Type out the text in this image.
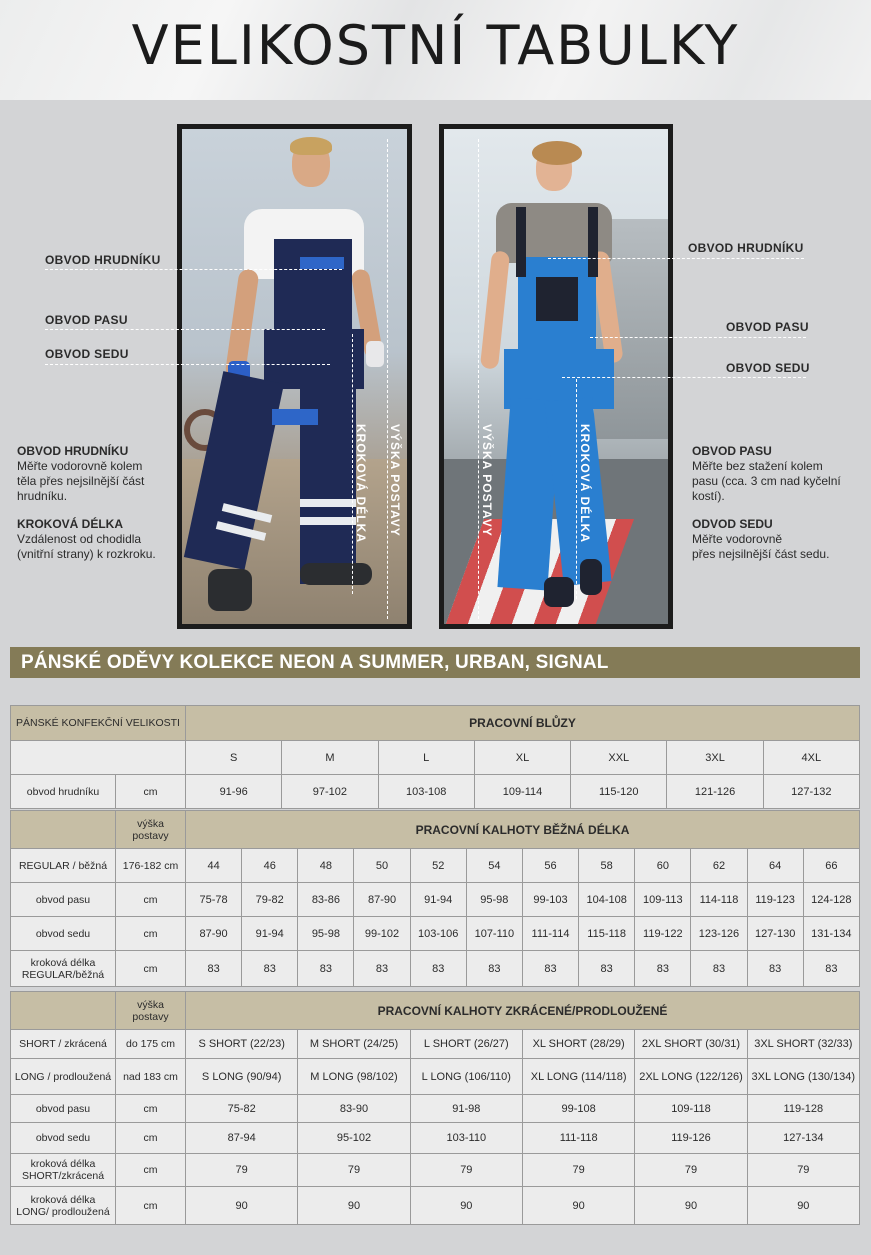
VELIKOSTNÍ TABULKY
VÝŠKA POSTAVY
KROKOVÁ DÉLKA	VÝŠKA POSTAVY	KROKOVÁ DÉLKA
OBVOD HRUDNÍKU
OBVOD PASU
OBVOD SEDU
OBVOD HRUDNÍKU
OBVOD PASU
OBVOD SEDU
OBVOD HRUDNÍKU
Měřte vodorovně kolem
těla přes nejsilnější část
hrudníku.
KROKOVÁ DÉLKA
Vzdálenost od chodidla
(vnitřní strany) k rozkroku.
OBVOD PASU
Měřte bez stažení kolem
pasu (cca. 3 cm nad kyčelní
kostí).
ODVOD SEDU
Měřte vodorovně
přes nejsilnější část sedu.
PÁNSKÉ ODĚVY KOLEKCE NEON A SUMMER, URBAN, SIGNAL
PÁNSKÉ KONFEKČNÍ VELIKOSTI		PRACOVNÍ BLŮZY						
		S	M	L	XL	XXL	3XL	4XL
obvod hrudníku	cm	91-96	97-102	103-108	109-114	115-120	121-126	127-132
	výška postavy	PRACOVNÍ KALHOTY BĚŽNÁ DÉLKA											
REGULAR / běžná	176-182 cm	44	46	48	50	52	54	56	58	60	62	64	66
obvod pasu	cm	75-78	79-82	83-86	87-90	91-94	95-98	99-103	104-108	109-113	114-118	119-123	124-128
obvod sedu	cm	87-90	91-94	95-98	99-102	103-106	107-110	111-114	115-118	119-122	123-126	127-130	131-134
kroková délka REGULAR/běžná	cm	83	83	83	83	83	83	83	83	83	83	83	83
	výška postavy	PRACOVNÍ KALHOTY ZKRÁCENÉ/PRODLOUŽENÉ					
SHORT / zkrácená	do 175 cm	S SHORT (22/23)	M SHORT (24/25)	L SHORT (26/27)	XL SHORT (28/29)	2XL SHORT (30/31)	3XL SHORT (32/33)
LONG / prodloužená	nad 183 cm	S LONG (90/94)	M LONG (98/102)	L LONG (106/110)	XL LONG (114/118)	2XL LONG (122/126)	3XL LONG (130/134)
obvod pasu	cm	75-82	83-90	91-98	99-108	109-118	119-128
obvod sedu	cm	87-94	95-102	103-110	111-118	119-126	127-134
kroková délka SHORT/zkrácená	cm	79	79	79	79	79	79
kroková délka LONG/ prodloužená	cm	90	90	90	90	90	90
